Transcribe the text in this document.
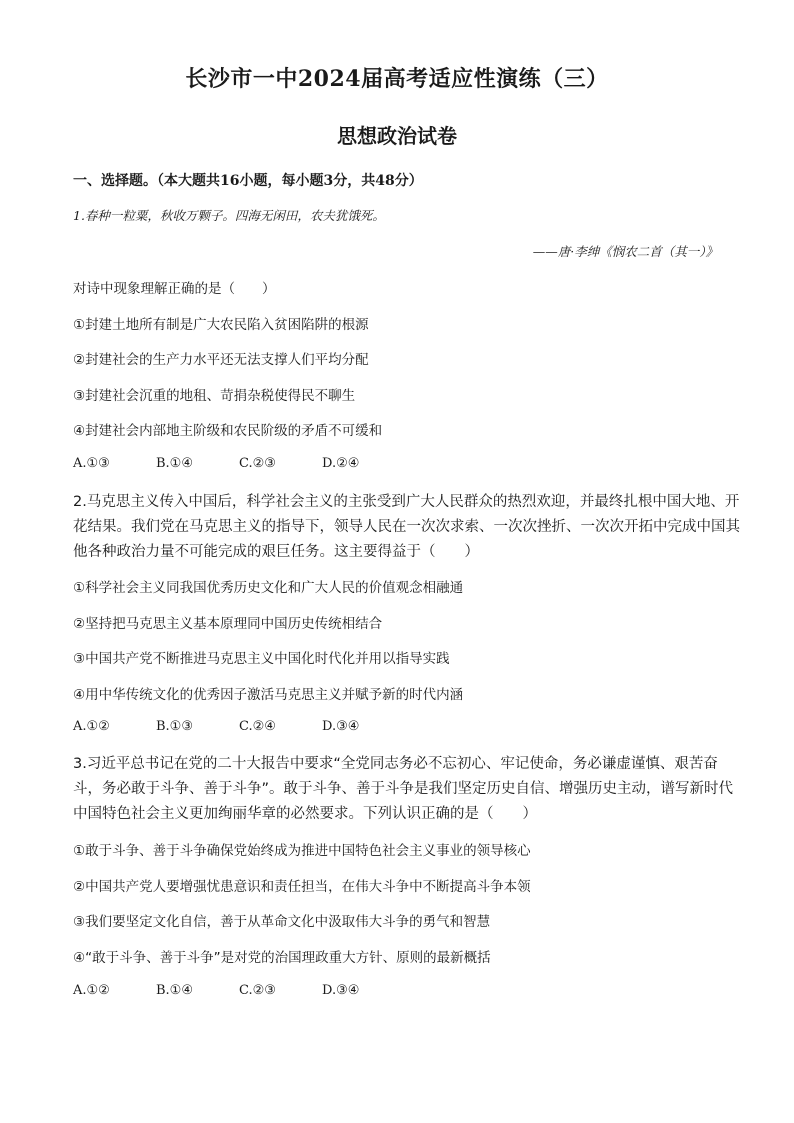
长沙市一中2024届高考适应性演练（三）
思想政治试卷
一、选择题。（本大题共16小题，每小题3分，共48分）
1.春种一粒粟，秋收万颗子。四海无闲田，农夫犹饿死。
——唐·李绅《悯农二首（其一）》
对诗中现象理解正确的是（　　）
①封建土地所有制是广大农民陷入贫困陷阱的根源
②封建社会的生产力水平还无法支撑人们平均分配
③封建社会沉重的地租、苛捐杂税使得民不聊生
④封建社会内部地主阶级和农民阶级的矛盾不可缓和
A.①③	B.①④	C.②③	D.②④
2.马克思主义传入中国后，科学社会主义的主张受到广大人民群众的热烈欢迎，并最终扎根中国大地、开
花结果。我们党在马克思主义的指导下，领导人民在一次次求索、一次次挫折、一次次开拓中完成中国其
他各种政治力量不可能完成的艰巨任务。这主要得益于（　　）
①科学社会主义同我国优秀历史文化和广大人民的价值观念相融通
②坚持把马克思主义基本原理同中国历史传统相结合
③中国共产党不断推进马克思主义中国化时代化并用以指导实践
④用中华传统文化的优秀因子激活马克思主义并赋予新的时代内涵
A.①②	B.①③	C.②④	D.③④
3.习近平总书记在党的二十大报告中要求“全党同志务必不忘初心、牢记使命，务必谦虚谨慎、艰苦奋
斗，务必敢于斗争、善于斗争”。敢于斗争、善于斗争是我们坚定历史自信、增强历史主动，谱写新时代
中国特色社会主义更加绚丽华章的必然要求。下列认识正确的是（　　）
①敢于斗争、善于斗争确保党始终成为推进中国特色社会主义事业的领导核心
②中国共产党人要增强忧患意识和责任担当，在伟大斗争中不断提高斗争本领
③我们要坚定文化自信，善于从革命文化中汲取伟大斗争的勇气和智慧
④“敢于斗争、善于斗争”是对党的治国理政重大方针、原则的最新概括
A.①②	B.①④	C.②③	D.③④
